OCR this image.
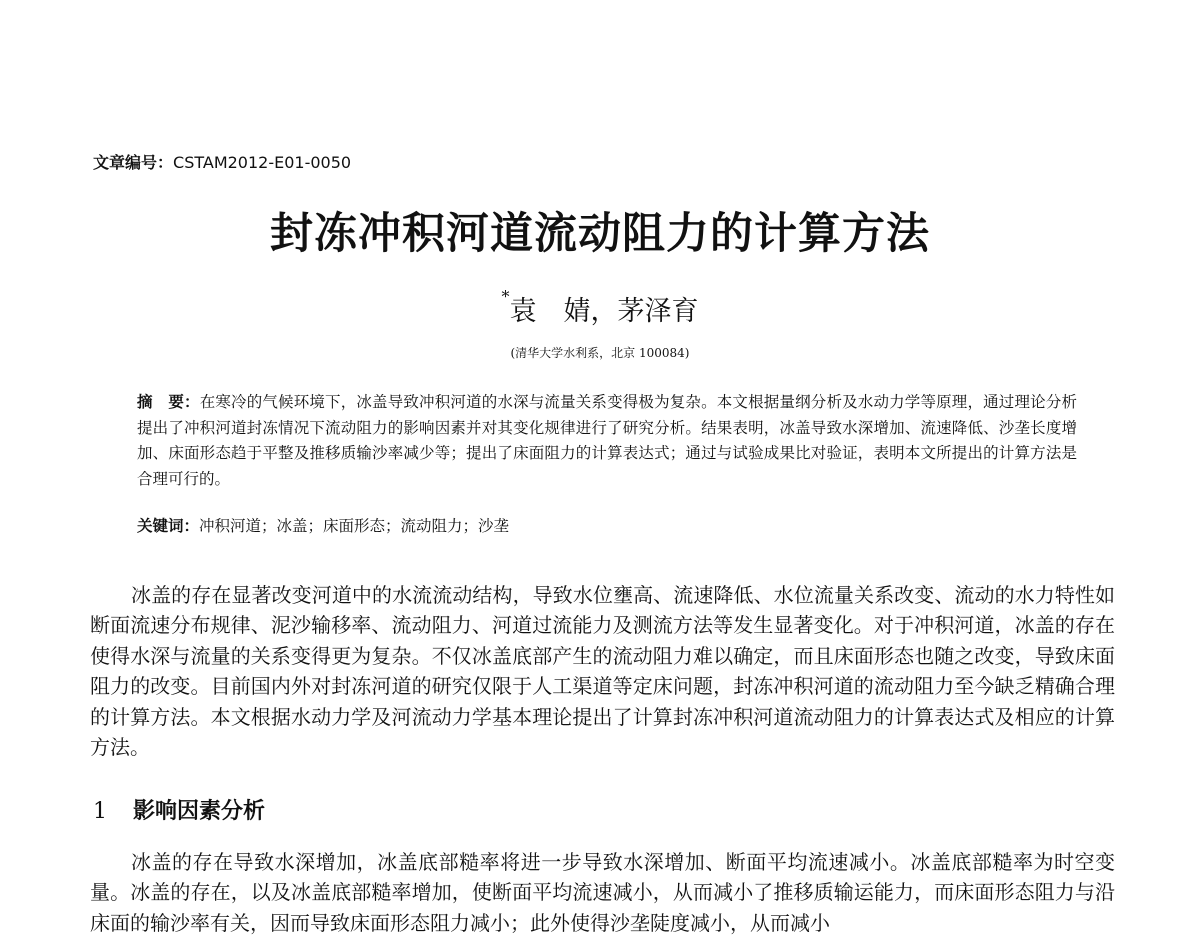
文章编号：CSTAM2012-E01-0050
封冻冲积河道流动阻力的计算方法
*袁　婧，茅泽育
(清华大学水利系，北京 100084)
摘　要：在寒冷的气候环境下，冰盖导致冲积河道的水深与流量关系变得极为复杂。本文根据量纲分析及水动力学等原理，通过理论分析提出了冲积河道封冻情况下流动阻力的影响因素并对其变化规律进行了研究分析。结果表明，冰盖导致水深增加、流速降低、沙垄长度增加、床面形态趋于平整及推移质输沙率减少等；提出了床面阻力的计算表达式；通过与试验成果比对验证，表明本文所提出的计算方法是合理可行的。
关键词：冲积河道；冰盖；床面形态；流动阻力；沙垄

冰盖的存在显著改变河道中的水流流动结构，导致水位壅高、流速降低、水位流量关系改变、流动的水力特性如断面流速分布规律、泥沙输移率、流动阻力、河道过流能力及测流方法等发生显著变化。对于冲积河道，冰盖的存在使得水深与流量的关系变得更为复杂。不仅冰盖底部产生的流动阻力难以确定，而且床面形态也随之改变，导致床面阻力的改变。目前国内外对封冻河道的研究仅限于人工渠道等定床问题，封冻冲积河道的流动阻力至今缺乏精确合理的计算方法。本文根据水动力学及河流动力学基本理论提出了计算封冻冲积河道流动阻力的计算表达式及相应的计算方法。

1 影响因素分析

冰盖的存在导致水深增加，冰盖底部糙率将进一步导致水深增加、断面平均流速减小。冰盖底部糙率为时空变量。冰盖的存在，以及冰盖底部糙率增加，使断面平均流速减小，从而减小了推移质输运能力，而床面形态阻力与沿床面的输沙率有关，因而导致床面形态阻力减小；此外使得沙垄陡度减小，从而减小
